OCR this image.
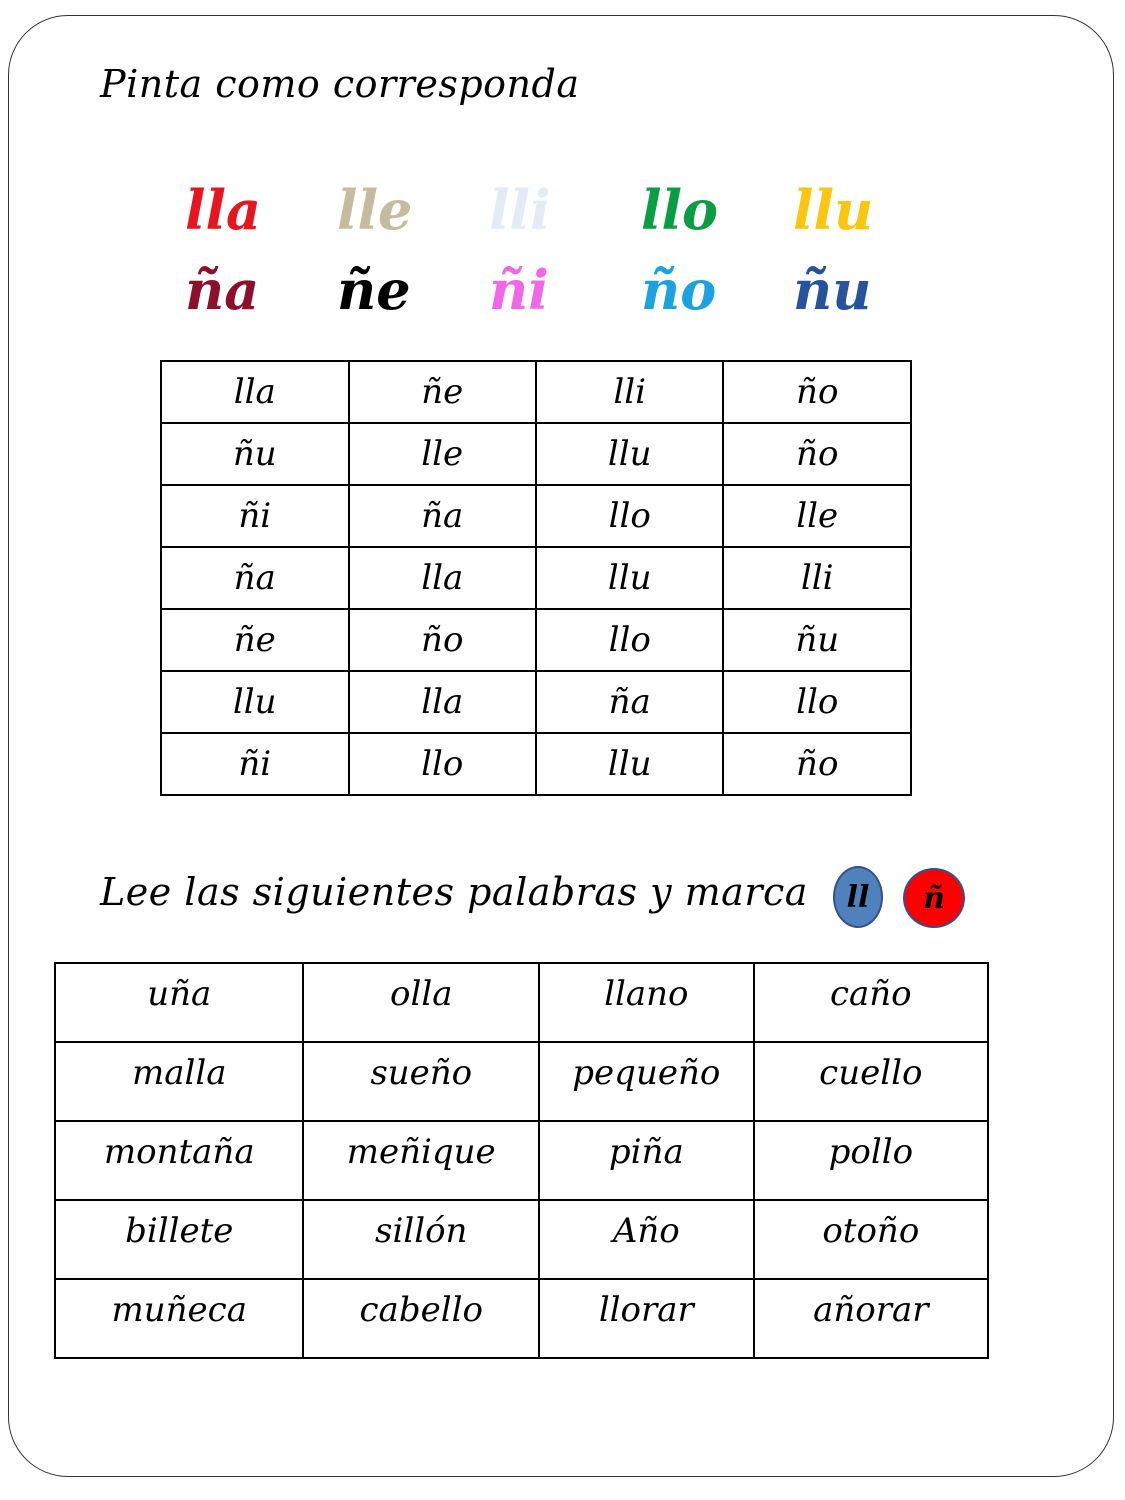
Pinta como corresponda
lla	lle	lli	llo	llu
ña	ñe	ñi	ño	ñu
lla	ñe	lli	ño
ñu	lle	llu	ño
ñi	ña	llo	lle
ña	lla	llu	lli
ñe	ño	llo	ñu
llu	lla	ña	llo
ñi	llo	llu	ño
Lee las siguientes palabras y marca	ll	ñ
uña	olla	llano	caño
malla	sueño	pequeño	cuello
montaña	meñique	piña	pollo
billete	sillón	Año	otoño
muñeca	cabello	llorar	añorar
